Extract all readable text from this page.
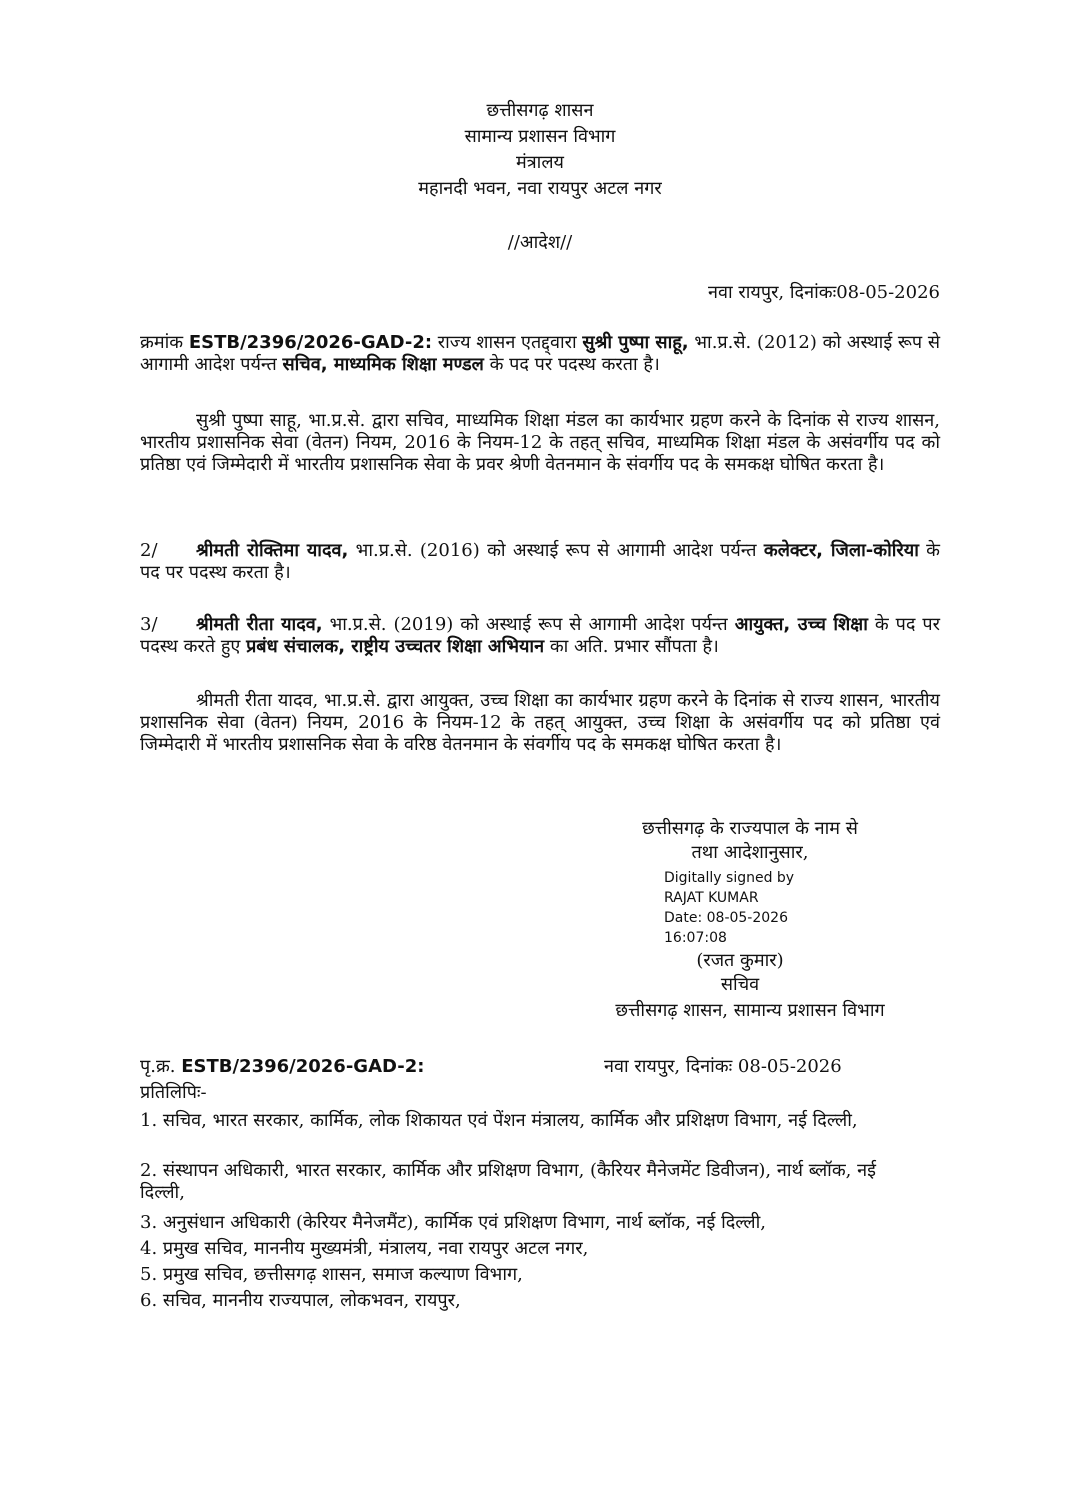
छत्तीसगढ़ शासन
सामान्य प्रशासन विभाग
मंत्रालय
महानदी भवन, नवा रायपुर अटल नगर
//आदेश//
नवा रायपुर, दिनांकः08-05-2026
क्रमांक ESTB/2396/2026-GAD-2: राज्य शासन एतद्द्वारा सुश्री पुष्पा साहू, भा.प्र.से. (2012) को अस्थाई रूप से आगामी आदेश पर्यन्त सचिव, माध्यमिक शिक्षा मण्डल के पद पर पदस्थ करता है।
सुश्री पुष्पा साहू, भा.प्र.से. द्वारा सचिव, माध्यमिक शिक्षा मंडल का कार्यभार ग्रहण करने के दिनांक से राज्य शासन, भारतीय प्रशासनिक सेवा (वेतन) नियम, 2016 के नियम-12 के तहत् सचिव, माध्यमिक शिक्षा मंडल के असंवर्गीय पद को प्रतिष्ठा एवं जिम्मेदारी में भारतीय प्रशासनिक सेवा के प्रवर श्रेणी वेतनमान के संवर्गीय पद के समकक्ष घोषित करता है।
2/ श्रीमती रोक्तिमा यादव, भा.प्र.से. (2016) को अस्थाई रूप से आगामी आदेश पर्यन्त कलेक्टर, जिला-कोरिया के पद पर पदस्थ करता है।
3/ श्रीमती रीता यादव, भा.प्र.से. (2019) को अस्थाई रूप से आगामी आदेश पर्यन्त आयुक्त, उच्च शिक्षा के पद पर पदस्थ करते हुए प्रबंध संचालक, राष्ट्रीय उच्चतर शिक्षा अभियान का अति. प्रभार सौंपता है।
श्रीमती रीता यादव, भा.प्र.से. द्वारा आयुक्त, उच्च शिक्षा का कार्यभार ग्रहण करने के दिनांक से राज्य शासन, भारतीय प्रशासनिक सेवा (वेतन) नियम, 2016 के नियम-12 के तहत् आयुक्त, उच्च शिक्षा के असंवर्गीय पद को प्रतिष्ठा एवं जिम्मेदारी में भारतीय प्रशासनिक सेवा के वरिष्ठ वेतनमान के संवर्गीय पद के समकक्ष घोषित करता है।
छत्तीसगढ़ के राज्यपाल के नाम से
तथा आदेशानुसार,
Digitally signed by
RAJAT KUMAR
Date: 08-05-2026
16:07:08
(रजत कुमार)
सचिव
छत्तीसगढ़ शासन, सामान्य प्रशासन विभाग
पृ.क्र. ESTB/2396/2026-GAD-2:	नवा रायपुर, दिनांकः 08-05-2026
प्रतिलिपिः-
1. सचिव, भारत सरकार, कार्मिक, लोक शिकायत एवं पेंशन मंत्रालय, कार्मिक और प्रशिक्षण विभाग, नई दिल्ली,
2. संस्थापन अधिकारी, भारत सरकार, कार्मिक और प्रशिक्षण विभाग, (कैरियर मैनेजमेंट डिवीजन), नार्थ ब्लॉक, नई दिल्ली,
3. अनुसंधान अधिकारी (केरियर मैनेजमैंट), कार्मिक एवं प्रशिक्षण विभाग, नार्थ ब्लॉक, नई दिल्ली,
4. प्रमुख सचिव, माननीय मुख्यमंत्री, मंत्रालय, नवा रायपुर अटल नगर,
5. प्रमुख सचिव, छत्तीसगढ़ शासन, समाज कल्याण विभाग,
6. सचिव, माननीय राज्यपाल, लोकभवन, रायपुर,
